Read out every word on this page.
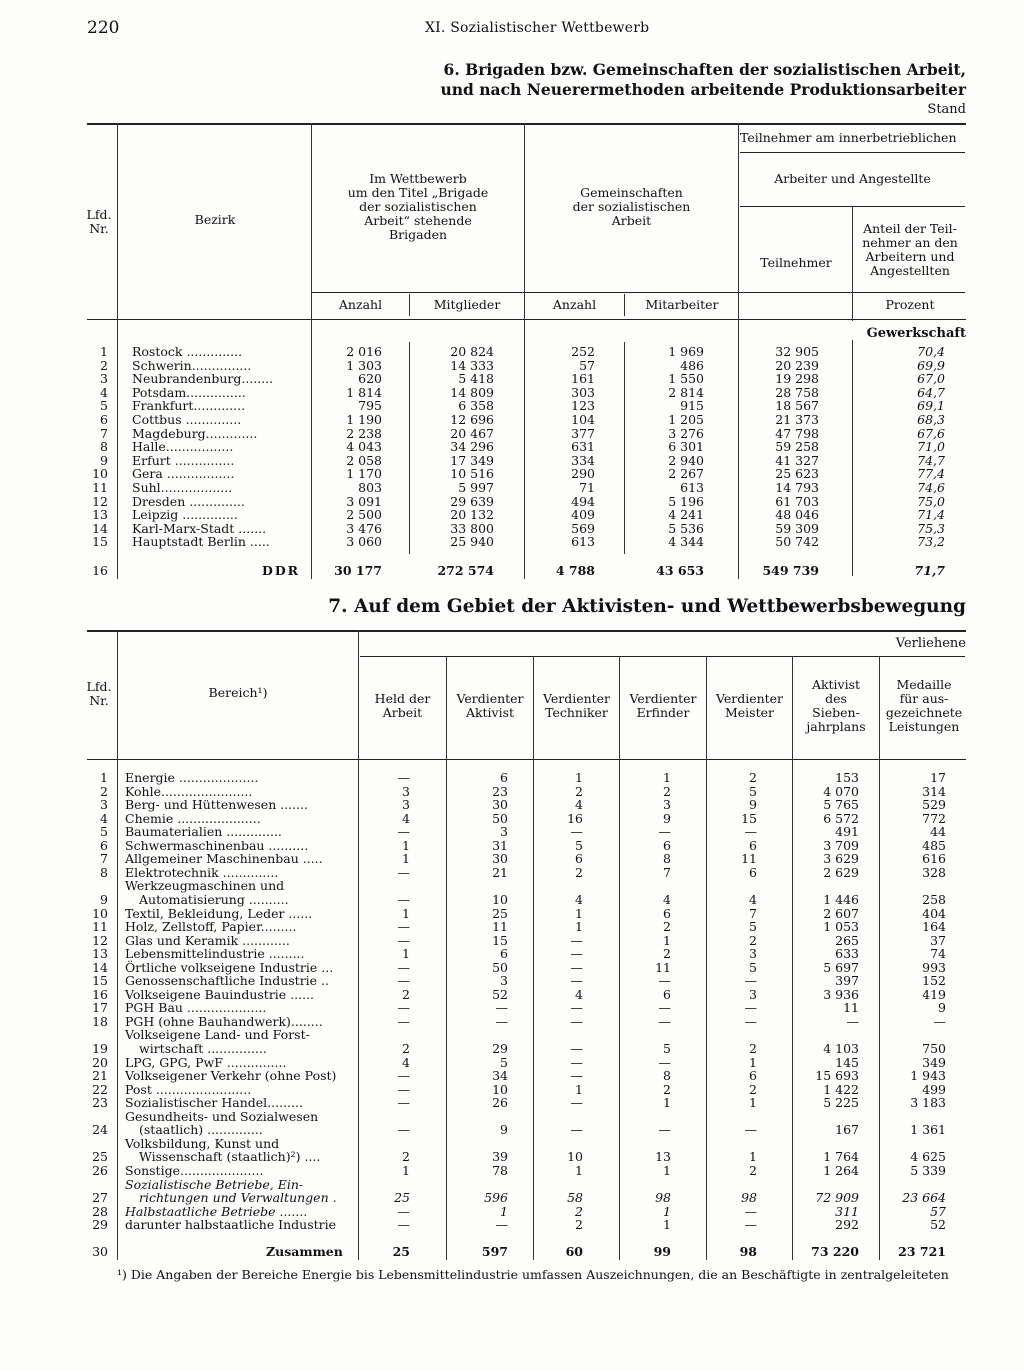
220	XI. Sozialistischer Wettbewerb
6. Brigaden bzw. Gemeinschaften der sozialistischen Arbeit,
und nach Neuerermethoden arbeitende Produktionsarbeiter
Stand
Lfd.
Nr.
Bezirk
Im Wettbewerb
um den Titel „Brigade
der sozialistischen
Arbeit“ stehende
Brigaden
Gemeinschaften
der sozialistischen
Arbeit
Teilnehmer am innerbetrieblichen
Arbeiter und Angestellte
Teilnehmer
Anteil der Teil-
nehmer an den
Arbeitern und
Angestellten
Anzahl	Mitglieder	Anzahl	Mitarbeiter	Prozent
Gewerkschaft
1 Rostock ..............	2 016	20 824	252	1 969	32 905	70,4
2 Schwerin...............	1 303	14 333	57	486	20 239	69,9
3 Neubrandenburg........	620	5 418	161	1 550	19 298	67,0
4 Potsdam...............	1 814	14 809	303	2 814	28 758	64,7
5 Frankfurt.............	795	6 358	123	915	18 567	69,1
6 Cottbus ..............	1 190	12 696	104	1 205	21 373	68,3
7 Magdeburg.............	2 238	20 467	377	3 276	47 798	67,6
8 Halle.................	4 043	34 296	631	6 301	59 258	71,0
9 Erfurt ...............	2 058	17 349	334	2 940	41 327	74,7
10 Gera .................	1 170	10 516	290	2 267	25 623	77,4
11 Suhl..................	803	5 997	71	613	14 793	74,6
12 Dresden ..............	3 091	29 639	494	5 196	61 703	75,0
13 Leipzig ..............	2 500	20 132	409	4 241	48 046	71,4
14 Karl-Marx-Stadt .......	3 476	33 800	569	5 536	59 309	75,3
15 Hauptstadt Berlin .....	3 060	25 940	613	4 344	50 742	73,2
16	DDR	30 177	272 574	4 788	43 653	549 739	71,7
7. Auf dem Gebiet der Aktivisten- und Wettbewerbsbewegung
Verliehene
Lfd.
Nr.
Bereich¹)	Held der
Arbeit
Verdienter
Aktivist
Verdienter
Techniker
Verdienter
Erfinder
Verdienter
Meister
Aktivist
des
Sieben-
jahrplans
Medaille
für aus-
gezeichnete
Leistungen
1 Energie ....................	—	6	1	1	2	153	17
2 Kohle.......................	3	23	2	2	5	4 070	314
3 Berg- und Hüttenwesen .......	3	30	4	3	9	5 765	529
4 Chemie .....................	4	50	16	9	15	6 572	772
5 Baumaterialien ..............	—	3	—	—	—	491	44
6 Schwermaschinenbau ..........	1	31	5	6	6	3 709	485
7 Allgemeiner Maschinenbau .....	1	30	6	8	11	3 629	616
8 Elektrotechnik ..............	—	21	2	7	6	2 629	328
Werkzeugmaschinen und
9 Automatisierung ..........	—	10	4	4	4	1 446	258
10 Textil, Bekleidung, Leder ......	1	25	1	6	7	2 607	404
11 Holz, Zellstoff, Papier.........	—	11	1	2	5	1 053	164
12 Glas und Keramik ............	—	15	—	1	2	265	37
13 Lebensmittelindustrie .........	1	6	—	2	3	633	74
14 Örtliche volkseigene Industrie ...	—	50	—	11	5	5 697	993
15 Genossenschaftliche Industrie ..	—	3	—	—	—	397	152
16 Volkseigene Bauindustrie ......	2	52	4	6	3	3 936	419
17 PGH Bau ....................	—	—	—	—	—	11	9
18 PGH (ohne Bauhandwerk)........	—	—	—	—	—	—	—
Volkseigene Land- und Forst-
19 wirtschaft ...............	2	29	—	5	2	4 103	750
20 LPG, GPG, PwF ...............	4	5	—	—	1	145	349
21 Volkseigener Verkehr (ohne Post)	—	34	—	8	6	15 693	1 943
22 Post ........................	—	10	1	2	2	1 422	499
23 Sozialistischer Handel.........	—	26	—	1	1	5 225	3 183
Gesundheits- und Sozialwesen
24 (staatlich) ..............	—	9	—	—	—	167	1 361
Volksbildung, Kunst und
25 Wissenschaft (staatlich)²) ....	2	39	10	13	1	1 764	4 625
26 Sonstige.....................	1	78	1	1	2	1 264	5 339
Sozialistische Betriebe, Ein-
27 richtungen und Verwaltungen .	25	596	58	98	98	72 909	23 664
28 Halbstaatliche Betriebe .......	—	1	2	1	—	311	57
29 darunter halbstaatliche Industrie	—	—	2	1	—	292	52
30	Zusammen	25	597	60	99	98	73 220	23 721
¹) Die Angaben der Bereiche Energie bis Lebensmittelindustrie umfassen Auszeichnungen, die an Beschäftigte in zentralgeleiteten
